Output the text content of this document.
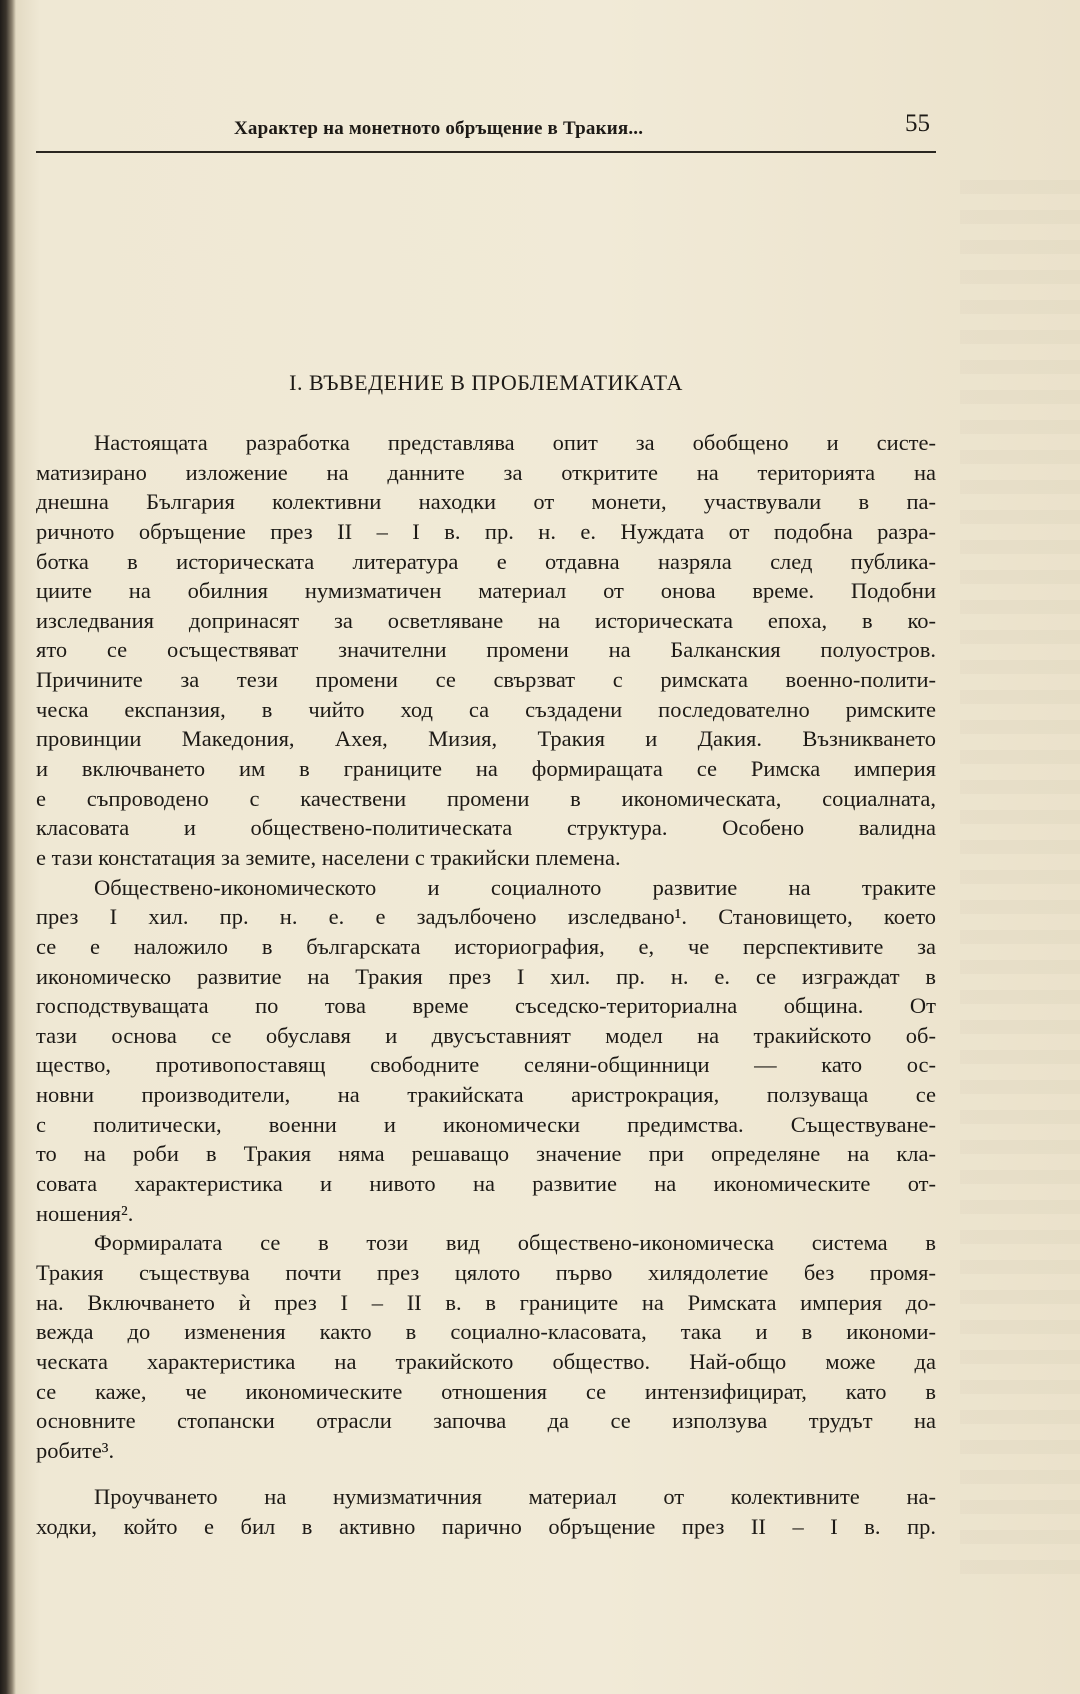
Характер на монетното обръщение в Тракия...	55
I. ВЪВЕДЕНИЕ В ПРОБЛЕМАТИКАТА
Настоящата разработка представлява опит за обобщено и систе-
матизирано изложение на данните за откритите на територията на
днешна България колективни находки от монети, участвували в па-
ричното обръщение през II – I в. пр. н. е. Нуждата от подобна разра-
ботка в историческата литература е отдавна назряла след публика-
циите на обилния нумизматичен материал от онова време. Подобни
изследвания допринасят за осветляване на историческата епоха, в ко-
ято се осъществяват значителни промени на Балканския полуостров.
Причините за тези промени се свързват с римската военно-полити-
ческа експанзия, в чийто ход са създадени последователно римските
провинции Македония, Ахея, Мизия, Тракия и Дакия. Възникването
и включването им в границите на формиращата се Римска империя
е съпроводено с качествени промени в икономическата, социалната,
класовата и обществено-политическата структура. Особено валидна
е тази констатация за земите, населени с тракийски племена.
Обществено-икономическото и социалното развитие на траките
през I хил. пр. н. е. е задълбочено изследвано¹. Становището, което
се е наложило в българската историография, е, че перспективите за
икономическо развитие на Тракия през I хил. пр. н. е. се изграждат в
господствуващата по това време съседско-териториална община. От
тази основа се обуславя и двусъставният модел на тракийското об-
щество, противопоставящ свободните селяни-общинници — като ос-
новни производители, на тракийската аристрокрация, ползуваща се
с политически, военни и икономически предимства. Съществуване-
то на роби в Тракия няма решаващо значение при определяне на кла-
совата характеристика и нивото на развитие на икономическите от-
ношения².
Формиралата се в този вид обществено-икономическа система в
Тракия съществува почти през цялото първо хилядолетие без промя-
на. Включването ѝ през I – II в. в границите на Римската империя до-
вежда до изменения както в социално-класовата, така и в икономи-
ческата характеристика на тракийското общество. Най-общо може да
се каже, че икономическите отношения се интензифицират, като в
основните стопански отрасли започва да се използува трудът на
робите³.
Проучването на нумизматичния материал от колективните на-
ходки, който е бил в активно парично обръщение през II – I в. пр.
